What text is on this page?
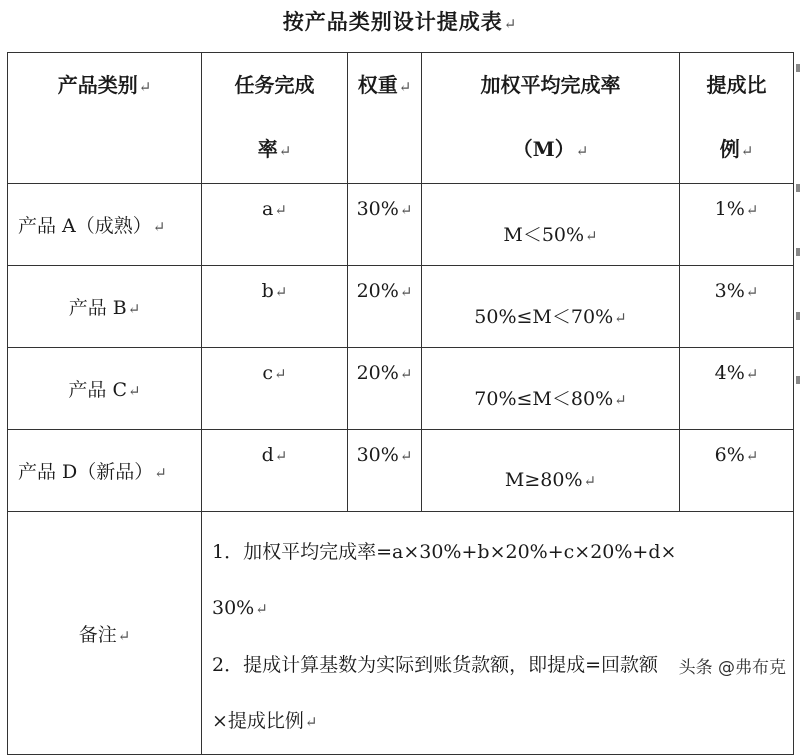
按产品类别设计提成表↵
产品类别↵	任务完成
率↵	权重↵	加权平均完成率
（M）↵	提成比
例↵

产品 A（成熟）↵	a↵	30%↵	M＜50%↵	1%↵
产品 B↵	b↵	20%↵	50%≤M＜70%↵	3%↵
产品 C↵	c↵	20%↵	70%≤M＜80%↵	4%↵
产品 D（新品）↵	d↵	30%↵	M≥80%↵	6%↵
备注↵	1．加权平均完成率=a×30%+b×20%+c×20%+d×
30%↵
2．提成计算基数为实际到账货款额，即提成=回款额
×提成比例↵			
头条 @弗布克
